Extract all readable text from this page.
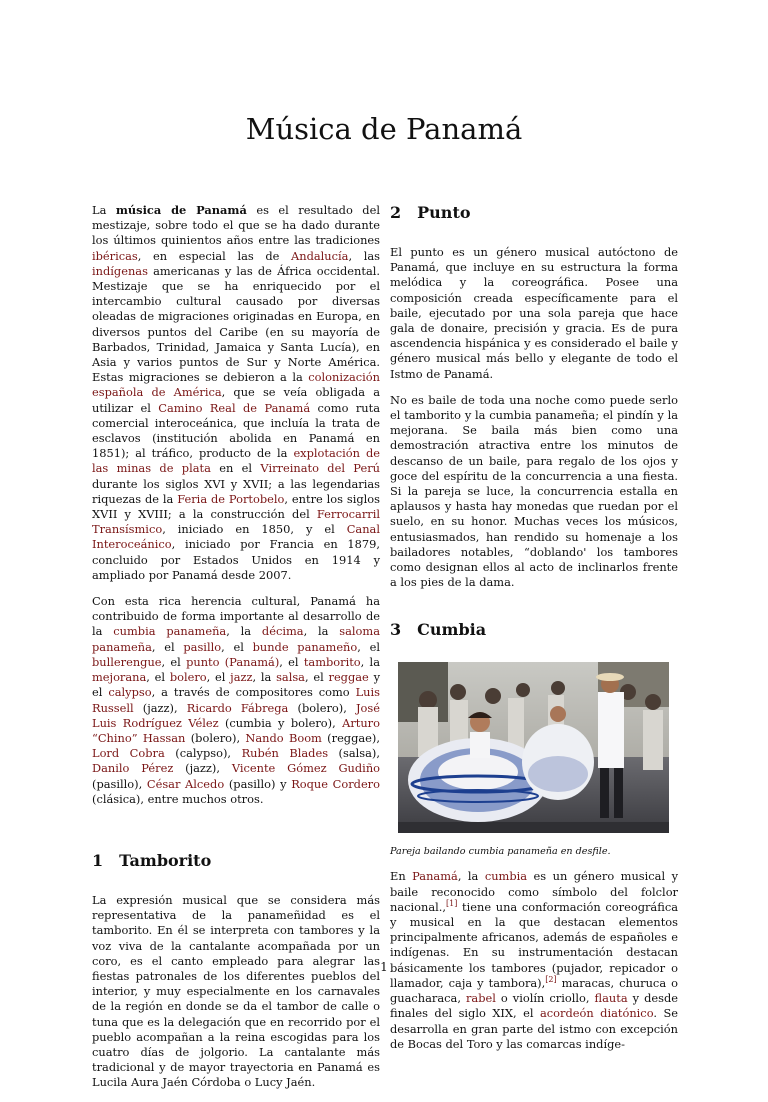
Música de Panamá

La música de Panamá es el resultado del mestizaje, sobre todo el que se ha dado durante los últimos quinientos años entre las tradiciones ibéricas, en especial las de Andalucía, las indígenas americanas y las de África occidental. Mestizaje que se ha enriquecido por el intercambio cultural causado por diversas oleadas de migraciones originadas en Europa, en diversos puntos del Caribe (en su mayoría de Barbados, Trinidad, Jamaica y Santa Lucía), en Asia y varios puntos de Sur y Norte América. Estas migraciones se debieron a la colonización española de América, que se veía obligada a utilizar el Camino Real de Panamá como ruta comercial interoceánica, que incluía la trata de esclavos (institución abolida en Panamá en 1851); al tráfico, producto de la explotación de las minas de plata en el Virreinato del Perú durante los siglos XVI y XVII; a las legendarias riquezas de la Feria de Portobelo, entre los siglos XVII y XVIII; a la construcción del Ferrocarril Transísmico, iniciado en 1850, y el Canal Interoceánico, iniciado por Francia en 1879, concluido por Estados Unidos en 1914 y ampliado por Panamá desde 2007.

Con esta rica herencia cultural, Panamá ha contribuido de forma importante al desarrollo de la cumbia panameña, la décima, la saloma panameña, el pasillo, el bunde panameño, el bullerengue, el punto (Panamá), el tamborito, la mejorana, el bolero, el jazz, la salsa, el reggae y el calypso, a través de compositores como Luis Russell (jazz), Ricardo Fábrega (bolero), José Luis Rodríguez Vélez (cumbia y bolero), Arturo “Chino” Hassan (bolero), Nando Boom (reggae), Lord Cobra (calypso), Rubén Blades (salsa), Danilo Pérez (jazz), Vicente Gómez Gudiño (pasillo), César Alcedo (pasillo) y Roque Cordero (clásica), entre muchos otros.

1 Tamborito

La expresión musical que se considera más representativa de la panameñidad es el tamborito. En él se interpreta con tambores y la voz viva de la cantalante acompañada por un coro, es el canto empleado para alegrar las fiestas patronales de los diferentes pueblos del interior, y muy especialmente en los carnavales de la región en donde se da el tambor de calle o tuna que es la delegación que en recorrido por el pueblo acompañan a la reina escogidas para los cuatro días de jolgorio. La cantalante más tradicional y de mayor trayectoria en Panamá es Lucila Aura Jaén Córdoba o Lucy Jaén.

2 Punto

El punto es un género musical autóctono de Panamá, que incluye en su estructura la forma melódica y la coreográfica. Posee una composición creada específicamente para el baile, ejecutado por una sola pareja que hace gala de donaire, precisión y gracia. Es de pura ascendencia hispánica y es considerado el baile y género musical más bello y elegante de todo el Istmo de Panamá.

No es baile de toda una noche como puede serlo el tamborito y la cumbia panameña; el pindín y la mejorana. Se baila más bien como una demostración atractiva entre los minutos de descanso de un baile, para regalo de los ojos y goce del espíritu de la concurrencia a una fiesta. Si la pareja se luce, la concurrencia estalla en aplausos y hasta hay monedas que ruedan por el suelo, en su honor. Muchas veces los músicos, entusiasmados, han rendido su homenaje a los bailadores notables, “doblando' los tambores como designan ellos al acto de inclinarlos frente a los pies de la dama.

3 Cumbia

Pareja bailando cumbia panameña en desfile.

En Panamá, la cumbia es un género musical y baile reconocido como símbolo del folclor nacional.,[1] tiene una conformación coreográfica y musical en la que destacan elementos principalmente africanos, además de españoles e indígenas. En su instrumentación destacan básicamente los tambores (pujador, repicador o llamador, caja y tambora),[2] maracas, churuca o guacharaca, rabel o violín criollo, flauta y desde finales del siglo XIX, el acordeón diatónico. Se desarrolla en gran parte del istmo con excepción de Bocas del Toro y las comarcas indíge-

1
